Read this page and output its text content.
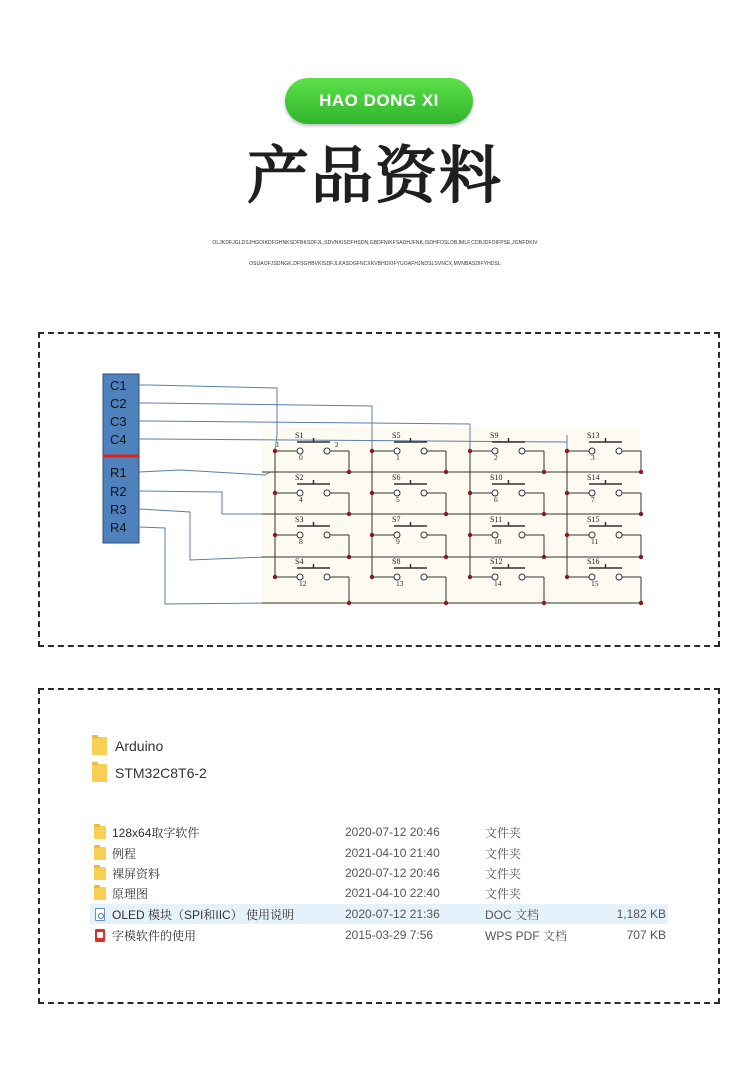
HAO DONG XI
产品资料
OLJKDFJGLDSJHGOIKDFGHNKSDFBKSDFJL,SDVNKISDFHSDN,GBDFNIKFSADHJFNK,ISDHFOSLDBJMLF.CDBJDFOIFPSE,JGNFDKIV
OSUAOFJSDNGK,DFSGHBVKISDFJLKASDGFNCXKVBHDXIFYUOAFHJNDSLSVNCX,MVNBASDIFYHDSL
C1
C2
C3
C4
R1
R2
R3
R4
S1
0
1	2
S5
1
S9
2
S13
3
S2
4
S6
5
S10
6
S14
7
S3
8
S7
9
S11
10
S15
11
S4
12
S8
13
S12
14
S16
15
Arduino
STM32C8T6-2
128x64取字软件	2020-07-12 20:46	文件夹
例程	2021-04-10 21:40	文件夹
裸屏资料	2020-07-12 20:46	文件夹
原理图	2021-04-10 22:40	文件夹
OLED 模块（SPI和IIC） 使用说明	2020-07-12 21:36	DOC 文档	1,182 KB
字模软件的使用	2015-03-29 7:56	WPS PDF 文档	707 KB
